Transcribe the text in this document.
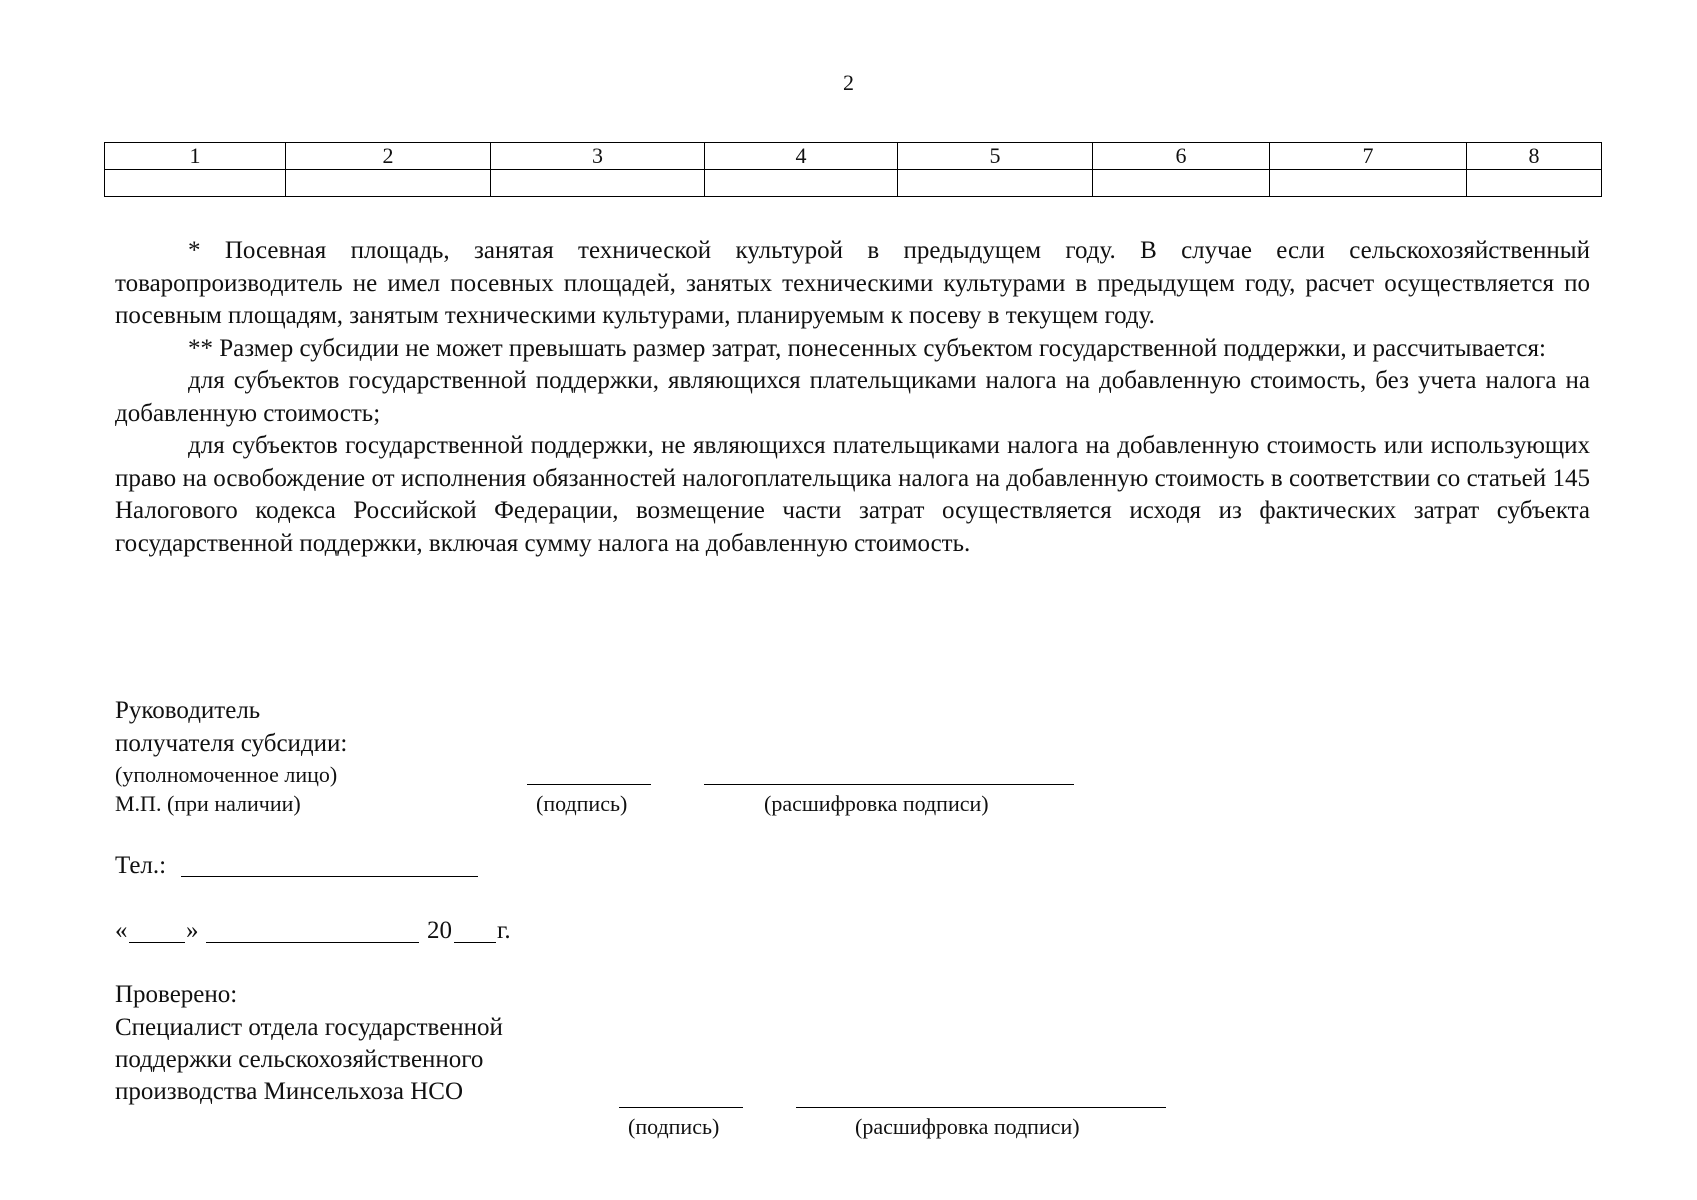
2
1	2	3	4	5	6	7	8

* Посевная площадь, занятая технической культурой в предыдущем году. В случае если сельскохозяйственный товаропроизводитель не имел посевных площадей, занятых техническими культурами в предыдущем году, расчет осуществляется по посевным площадям, занятым техническими культурами, планируемым к посеву в текущем году.

** Размер субсидии не может превышать размер затрат, понесенных субъектом государственной поддержки, и рассчитывается:

для субъектов государственной поддержки, являющихся плательщиками налога на добавленную стоимость, без учета налога на добавленную стоимость;

для субъектов государственной поддержки, не являющихся плательщиками налога на добавленную стоимость или использующих право на освобождение от исполнения обязанностей налогоплательщика налога на добавленную стоимость в соответствии со статьей 145 Налогового кодекса Российской Федерации, возмещение части затрат осуществляется исходя из фактических затрат субъекта государственной поддержки, включая сумму налога на добавленную стоимость.

Руководитель
получателя субсидии:
(уполномоченное лицо)
М.П. (при наличии)	(подпись)	(расшифровка подписи)
Тел.:
« »	20 г.
Проверено:
Специалист отдела государственной
поддержки сельскохозяйственного
производства Минсельхоза НСО
(подпись)	(расшифровка подписи)
